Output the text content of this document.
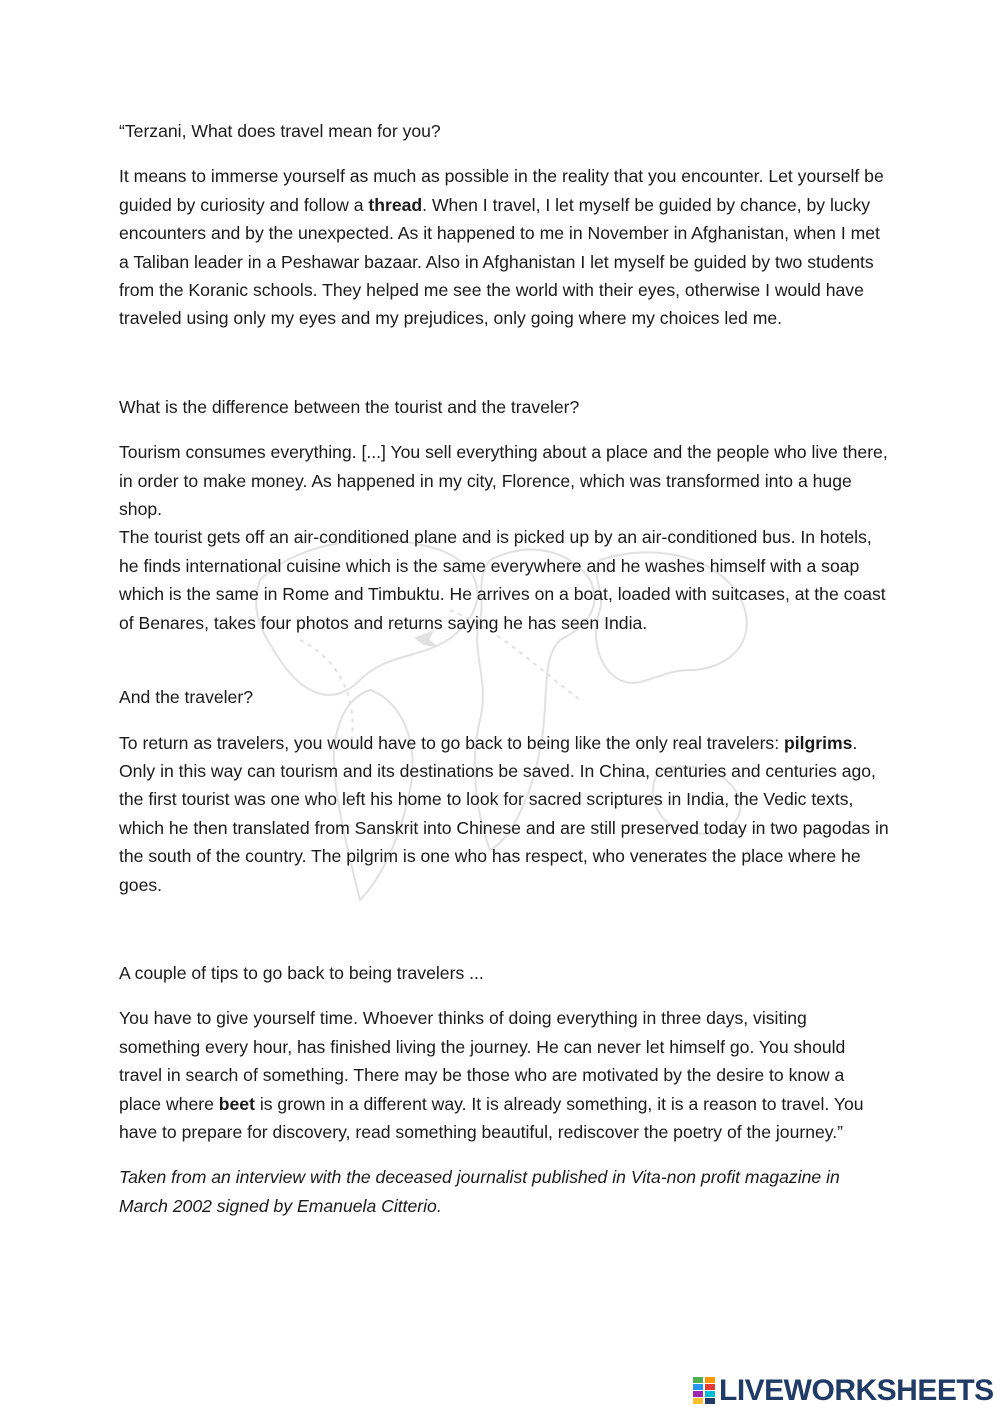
“Terzani, What does travel mean for you?

It means to immerse yourself as much as possible in the reality that you encounter. Let yourself be guided by curiosity and follow a thread. When I travel, I let myself be guided by chance, by lucky encounters and by the unexpected. As it happened to me in November in Afghanistan, when I met a Taliban leader in a Peshawar bazaar. Also in Afghanistan I let myself be guided by two students from the Koranic schools. They helped me see the world with their eyes, otherwise I would have traveled using only my eyes and my prejudices, only going where my choices led me.

What is the difference between the tourist and the traveler?

Tourism consumes everything. [...] You sell everything about a place and the people who live there, in order to make money. As happened in my city, Florence, which was transformed into a huge shop.

The tourist gets off an air-conditioned plane and is picked up by an air-conditioned bus. In hotels, he finds international cuisine which is the same everywhere and he washes himself with a soap which is the same in Rome and Timbuktu. He arrives on a boat, loaded with suitcases, at the coast of Benares, takes four photos and returns saying he has seen India.

And the traveler?

To return as travelers, you would have to go back to being like the only real travelers: pilgrims. Only in this way can tourism and its destinations be saved. In China, centuries and centuries ago, the first tourist was one who left his home to look for sacred scriptures in India, the Vedic texts, which he then translated from Sanskrit into Chinese and are still preserved today in two pagodas in the south of the country. The pilgrim is one who has respect, who venerates the place where he goes.

A couple of tips to go back to being travelers ...

You have to give yourself time. Whoever thinks of doing everything in three days, visiting something every hour, has finished living the journey. He can never let himself go. You should travel in search of something. There may be those who are motivated by the desire to know a place where beet is grown in a different way. It is already something, it is a reason to travel. You have to prepare for discovery, read something beautiful, rediscover the poetry of the journey.”

Taken from an interview with the deceased journalist published in Vita-non profit magazine in March 2002 signed by Emanuela Citterio.

LIVEWORKSHEETS
